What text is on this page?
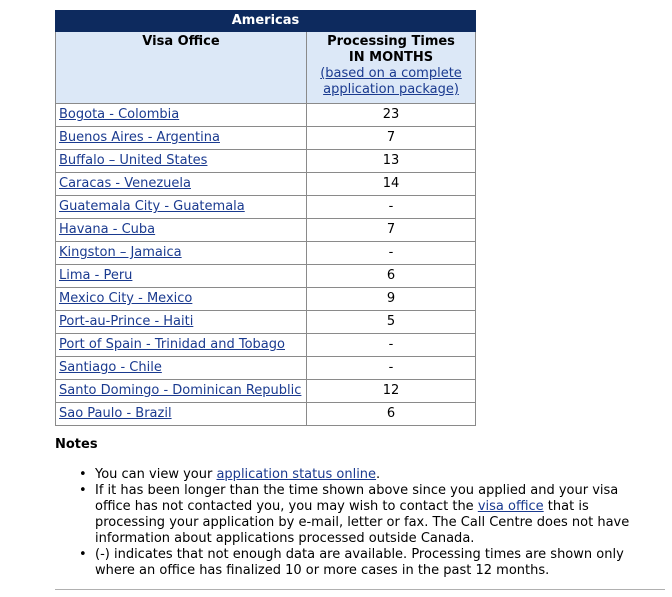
Americas	
Visa Office	Processing Times
IN MONTHS
(based on a complete application package)
Bogota - Colombia	23
Buenos Aires - Argentina	7
Buffalo – United States	13
Caracas - Venezuela	14
Guatemala City - Guatemala	-
Havana - Cuba	7
Kingston – Jamaica	-
Lima - Peru	6
Mexico City - Mexico	9
Port-au-Prince - Haiti	5
Port of Spain - Trinidad and Tobago	-
Santiago - Chile	-
Santo Domingo - Dominican Republic	12
Sao Paulo - Brazil	6
Notes
• You can view your application status online.
• If it has been longer than the time shown above since you applied and your visa office has not contacted you, you may wish to contact the visa office that is processing your application by e-mail, letter or fax. The Call Centre does not have information about applications processed outside Canada.
• (-) indicates that not enough data are available. Processing times are shown only where an office has finalized 10 or more cases in the past 12 months.
